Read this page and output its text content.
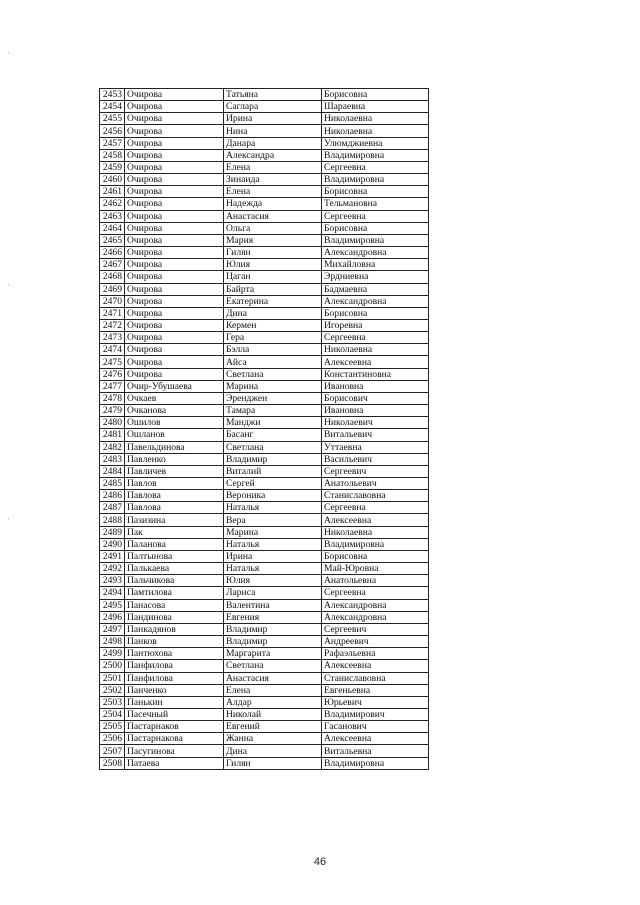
'
'
'
2453	Очирова	Татьяна	Борисовна
2454	Очирова	Саглара	Шараевна
2455	Очирова	Ирина	Николаевна
2456	Очирова	Нина	Николаевна
2457	Очирова	Данара	Улюмджиевна
2458	Очирова	Александра	Владимировна
2459	Очирова	Елена	Сергеевна
2460	Очирова	Зинаида	Владимировна
2461	Очирова	Елена	Борисовна
2462	Очирова	Надежда	Тельмановна
2463	Очирова	Анастасия	Сергеевна
2464	Очирова	Ольга	Борисовна
2465	Очирова	Мария	Владимировна
2466	Очирова	Гилян	Александровна
2467	Очирова	Юлия	Михайловна
2468	Очирова	Цаган	Эрдниевна
2469	Очирова	Байрта	Бадмаевна
2470	Очирова	Екатерина	Александровна
2471	Очирова	Дина	Борисовна
2472	Очирова	Кермен	Игоревна
2473	Очирова	Гера	Сергеевна
2474	Очирова	Бэлла	Николаевна
2475	Очирова	Айса	Алексеевна
2476	Очирова	Светлана	Константиновна
2477	Очир-Убушаева	Марина	Ивановна
2478	Очкаев	Эренджен	Борисович
2479	Очканова	Тамара	Ивановна
2480	Ошилов	Манджи	Николаевич
2481	Ошланов	Басанг	Витальевич
2482	Павельдинова	Светлана	Уттаевна
2483	Павленко	Владимир	Васильевич
2484	Павличев	Виталий	Сергеевич
2485	Павлов	Сергей	Анатольевич
2486	Павлова	Вероника	Станиславовна
2487	Павлова	Наталья	Сергеевна
2488	Пазизина	Вера	Алексеевна
2489	Пак	Марина	Николаевна
2490	Паланова	Наталья	Владимировна
2491	Палтынова	Ирина	Борисовна
2492	Палькаева	Наталья	Май-Юровна
2493	Пальчикова	Юлия	Анатольевна
2494	Памтилова	Лариса	Сергеевна
2495	Панасова	Валентина	Александровна
2496	Пандинова	Евгения	Александровна
2497	Панкадянов	Владимир	Сергеевич
2498	Панков	Владимир	Андреевич
2499	Пантюхова	Маргарита	Рафаэльевна
2500	Панфилова	Светлана	Алексеевна
2501	Панфилова	Анастасия	Станиславовна
2502	Панченко	Елена	Евгеньевна
2503	Панькин	Алдар	Юрьевич
2504	Пасечный	Николай	Владимирович
2505	Пастарнаков	Евгений	Гасанович
2506	Пастарнакова	Жанна	Алексеевна
2507	Пасугинова	Дина	Витальевна
2508	Патаева	Гилян	Владимировна
46
